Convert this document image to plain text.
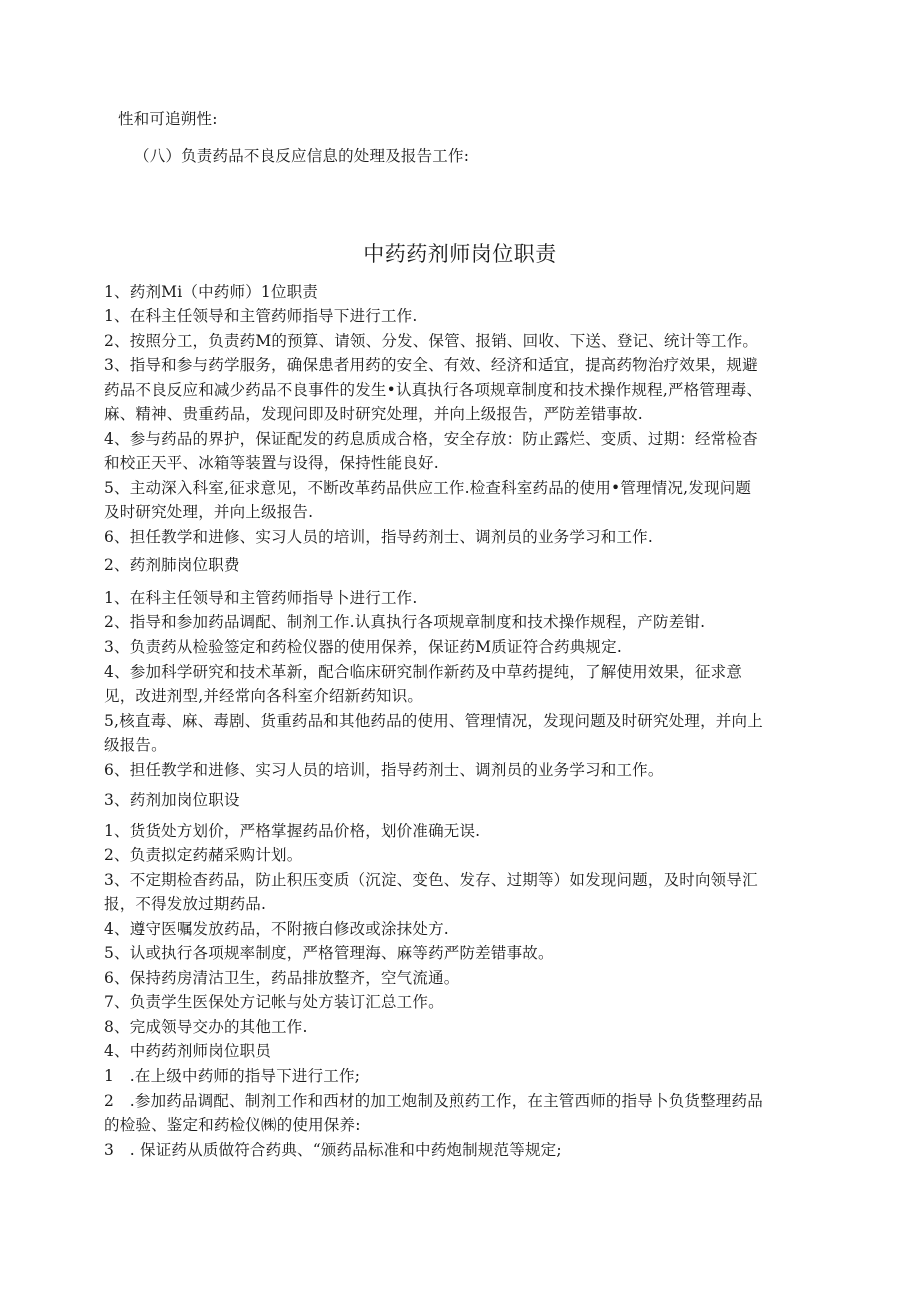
性和可追朔性:
（八）负责药品不良反应信息的处理及报告工作:
中药药剂师岗位职责
1、药剂Mi（中药师）1位职责
1、在科主任领导和主管药师指导下进行工作.
2、按照分工，负责药M的预算、请领、分发、保管、报销、回收、下送、登记、统计等工作。
3、指导和参与药学服务，确保患者用药的安全、有效、经济和适宜，提高药物治疗效果，规避
药品不良反应和减少药品不良事件的发生•认真执行各项规章制度和技术操作规程,严格管理毒、
麻、精神、贵重药品，发现问即及时研究处理，并向上级报告，严防差错事故.
4、参与药品的界护，保证配发的药息质成合格，安全存放：防止露烂、变质、过期：经常检杳
和校正天平、冰箱等装置与设得，保持性能良好.
5、主动深入科室,征求意见，不断改革药品供应工作.检查科室药品的使用•管理情况,发现问题
及时研究处理，并向上级报告.
6、担任教学和进修、实习人员的培训，指导药剂士、调剂员的业务学习和工作.
2、药剂肺岗位职费
1、在科主任领导和主管药师指导卜进行工作.
2、指导和参加药品调配、制剂工作.认真执行各项规章制度和技术操作规程，产防差钳.
3、负责药从检验签定和药检仪器的使用保养，保证药M质证符合药典规定.
4、参加科学研究和技术革新，配合临床研究制作新药及中草药提纯，了解使用效果，征求意
见，改进剂型,并经常向各科室介绍新药知识。
5,核直毒、麻、毒剧、货重药品和其他药品的使用、管理情况，发现问题及时研究处理，并向上
级报告。
6、担任教学和进修、实习人员的培训，指导药剂士、调剂员的业务学习和工作。
3、药剂加岗位职设
1、货货处方划价，严格掌握药品价格，划价准确无误.
2、负责拟定药赭采购计划。
3、不定期检杳药品，防止积压变质（沉淀、变色、发存、过期等）如发现问题，及时向领导汇
报，不得发放过期药品.
4、遵守医嘱发放药品，不附掖白修改或涂抹处方.
5、认或执行各项规率制度，严格管理海、麻等药严防差错事故。
6、保持药房清沽卫生，药品排放整齐，空气流通。
7、负责学生医保处方记帐与处方装订汇总工作。
8、完成领导交办的其他工作.
4、中药药剂师岗位职员
1　.在上级中药师的指导下进行工作;
2　.参加药品调配、制剂工作和西材的加工炮制及煎药工作，在主管西师的指导卜负货整理药品
的检验、鉴定和药检仪㈱的使用保养:
3　. 保证药从质做符合药典、“颁药品标准和中药炮制规范等规定;
